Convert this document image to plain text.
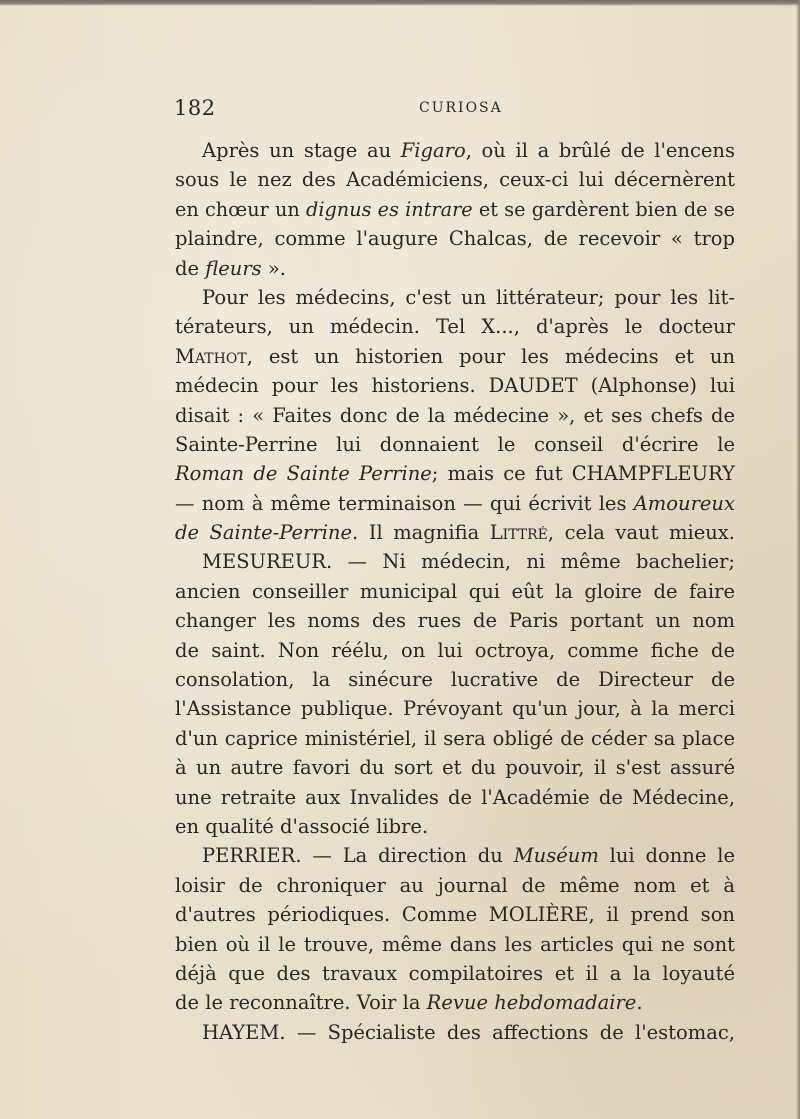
182	CURIOSA
Après un stage au Figaro, où il a brûlé de l'encens
sous le nez des Académiciens, ceux-ci lui décernèrent
en chœur un dignus es intrare et se gardèrent bien de se
plaindre, comme l'augure Chalcas, de recevoir « trop
de fleurs ».
Pour les médecins, c'est un littérateur; pour les lit-
térateurs, un médecin. Tel X..., d'après le docteur
Mathot, est un historien pour les médecins et un
médecin pour les historiens. DAUDET (Alphonse) lui
disait : « Faites donc de la médecine », et ses chefs de
Sainte-Perrine lui donnaient le conseil d'écrire le
Roman de Sainte Perrine; mais ce fut CHAMPFLEURY
— nom à même terminaison — qui écrivit les Amoureux
de Sainte-Perrine. Il magnifia Littré, cela vaut mieux.
MESUREUR. — Ni médecin, ni même bachelier;
ancien conseiller municipal qui eût la gloire de faire
changer les noms des rues de Paris portant un nom
de saint. Non réélu, on lui octroya, comme fiche de
consolation, la sinécure lucrative de Directeur de
l'Assistance publique. Prévoyant qu'un jour, à la merci
d'un caprice ministériel, il sera obligé de céder sa place
à un autre favori du sort et du pouvoir, il s'est assuré
une retraite aux Invalides de l'Académie de Médecine,
en qualité d'associé libre.
PERRIER. — La direction du Muséum lui donne le
loisir de chroniquer au journal de même nom et à
d'autres périodiques. Comme MOLIÈRE, il prend son
bien où il le trouve, même dans les articles qui ne sont
déjà que des travaux compilatoires et il a la loyauté
de le reconnaître. Voir la Revue hebdomadaire.
HAYEM. — Spécialiste des affections de l'estomac,
